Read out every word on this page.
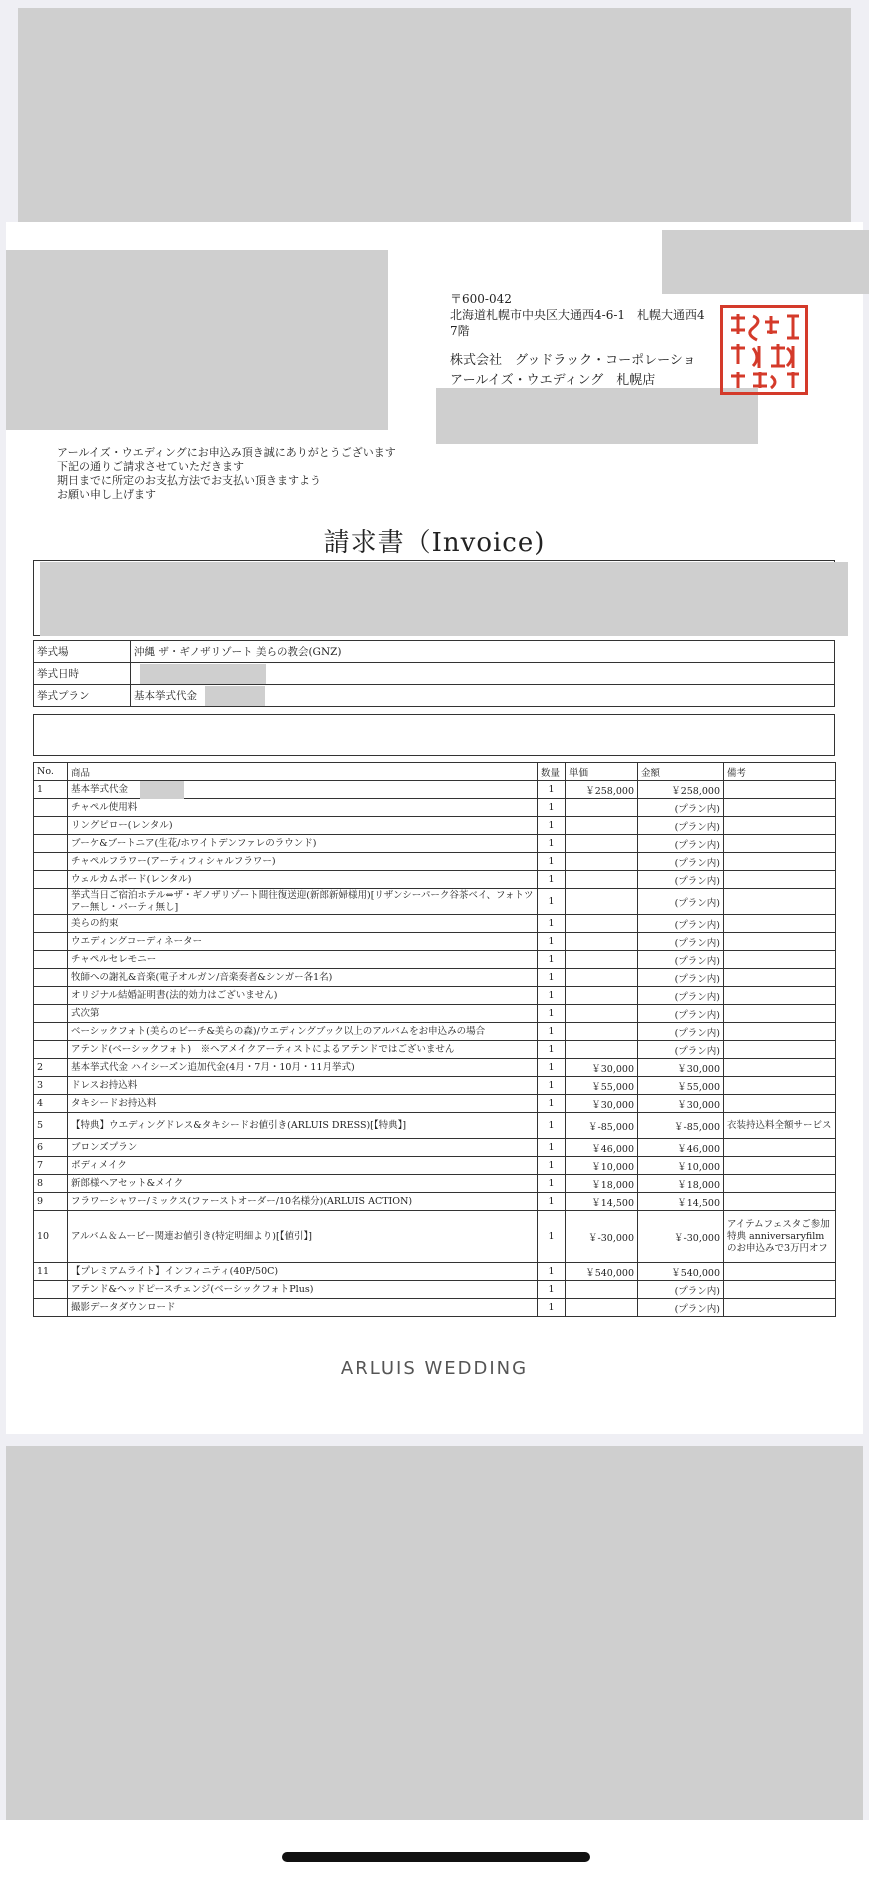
〒600-042
北海道札幌市中央区大通西4-6-1　札幌大通西4
7階
株式会社　グッドラック・コーポレーショ
アールイズ・ウエディング　札幌店
アールイズ・ウエディングにお申込み頂き誠にありがとうございます
下記の通りご請求させていただきます
期日までに所定のお支払方法でお支払い頂きますよう
お願い申し上げます
請求書（Invoice)
挙式場	沖縄 ザ・ギノザリゾート 美らの教会(GNZ)
挙式日時	
挙式プラン	基本挙式代金
No.	商品	数量	単価	金額	備考
1	基本挙式代金	1	￥258,000	￥258,000	
	チャペル使用料	1		(プラン内)	
	リングピロー(レンタル)	1		(プラン内)	
	ブーケ&ブートニア(生花/ホワイトデンファレのラウンド)	1		(プラン内)	
	チャペルフラワー(アーティフィシャルフラワー)	1		(プラン内)	
	ウェルカムボード(レンタル)	1		(プラン内)	
	挙式当日ご宿泊ホテル⇔ザ・ギノザリゾート間往復送迎(新郎新婦様用)[リザンシーパーク谷茶ベイ、フォトツアー無し・パーティ無し]	1		(プラン内)	
	美らの約束	1		(プラン内)	
	ウエディングコーディネーター	1		(プラン内)	
	チャペルセレモニー	1		(プラン内)	
	牧師への謝礼&音楽(電子オルガン/音楽奏者&シンガー各1名)	1		(プラン内)	
	オリジナル結婚証明書(法的効力はございません)	1		(プラン内)	
	式次第	1		(プラン内)	
	ベーシックフォト(美らのビーチ&美らの森)/ウエディングブック以上のアルバムをお申込みの場合	1		(プラン内)	
	アテンド(ベーシックフォト)　※ヘアメイクアーティストによるアテンドではございません	1		(プラン内)	
2	基本挙式代金 ハイシーズン追加代金(4月・7月・10月・11月挙式)	1	￥30,000	￥30,000	
3	ドレスお持込料	1	￥55,000	￥55,000	
4	タキシードお持込料	1	￥30,000	￥30,000	
5	【特典】ウエディングドレス&タキシードお値引き(ARLUIS DRESS)[【特典】]	1	￥-85,000	￥-85,000	衣装持込料全額サービス
6	ブロンズプラン	1	￥46,000	￥46,000	
7	ボディメイク	1	￥10,000	￥10,000	
8	新郎様ヘアセット&メイク	1	￥18,000	￥18,000	
9	フラワーシャワー/ミックス(ファーストオーダー/10名様分)(ARLUIS ACTION)	1	￥14,500	￥14,500	
10	アルバム＆ムービー関連お値引き(特定明細より)[【値引】]	1	￥-30,000	￥-30,000	アイテムフェスタご参加特典 anniversaryfilmのお申込みで3万円オフ
11	【プレミアムライト】インフィニティ(40P/50C)	1	￥540,000	￥540,000	
	アテンド&ヘッドピースチェンジ(ベーシックフォトPlus)	1		(プラン内)	
	撮影データダウンロード	1		(プラン内)	
ARLUIS WEDDING
